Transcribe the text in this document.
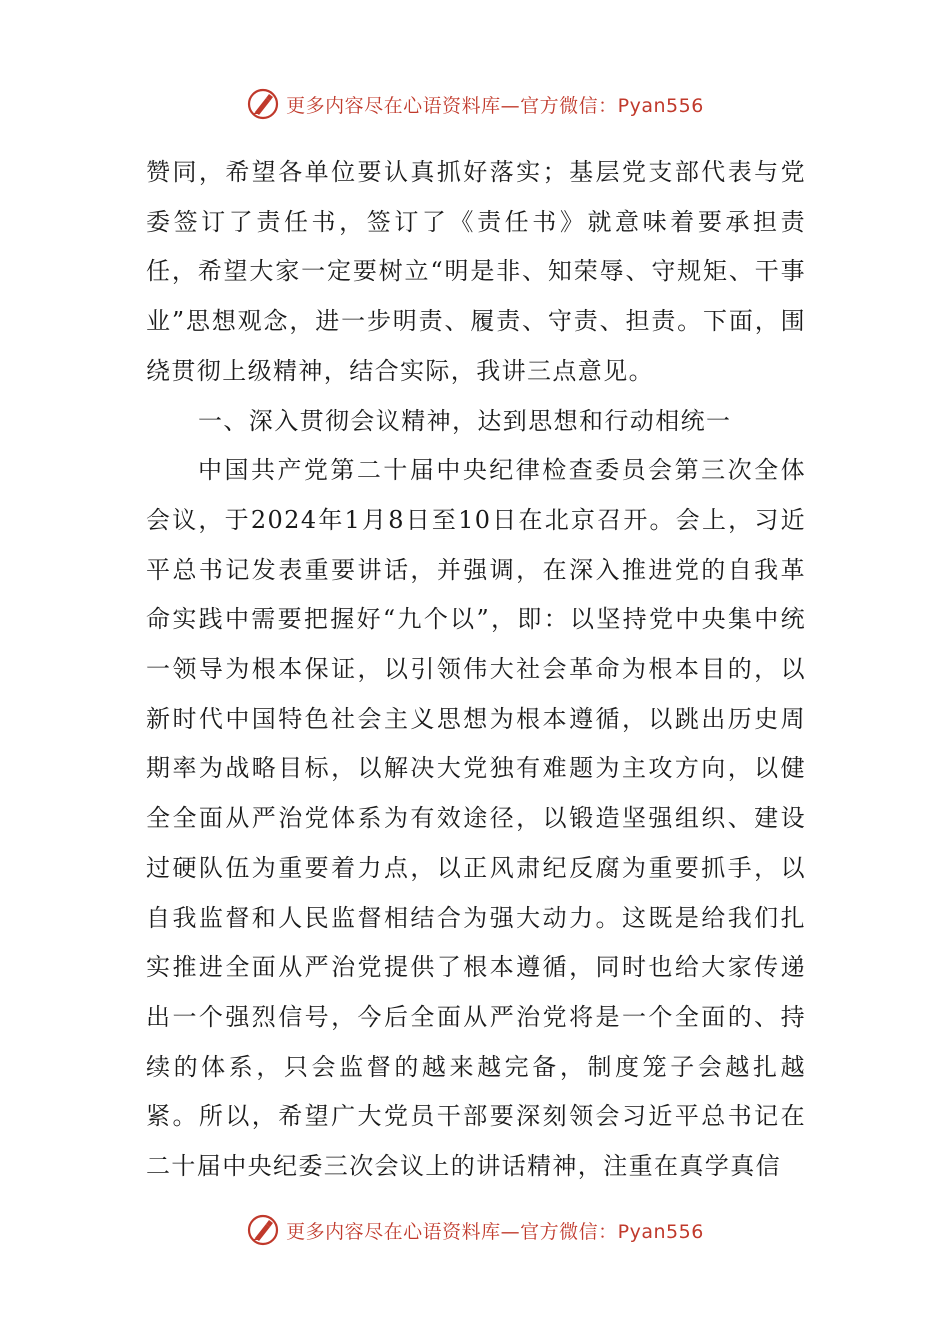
更多内容尽在心语资料库—官方微信：Pyan556

赞同，希望各单位要认真抓好落实；基层党支部代表与党委签订了责任书，签订了《责任书》就意味着要承担责任，希望大家一定要树立“明是非、知荣辱、守规矩、干事业”思想观念，进一步明责、履责、守责、担责。下面，围绕贯彻上级精神，结合实际，我讲三点意见。

一、深入贯彻会议精神，达到思想和行动相统一

中国共产党第二十届中央纪律检查委员会第三次全体会议，于2024年1月8日至10日在北京召开。会上，习近平总书记发表重要讲话，并强调，在深入推进党的自我革命实践中需要把握好“九个以”，即：以坚持党中央集中统一领导为根本保证，以引领伟大社会革命为根本目的，以新时代中国特色社会主义思想为根本遵循，以跳出历史周期率为战略目标，以解决大党独有难题为主攻方向，以健全全面从严治党体系为有效途径，以锻造坚强组织、建设过硬队伍为重要着力点，以正风肃纪反腐为重要抓手，以自我监督和人民监督相结合为强大动力。这既是给我们扎实推进全面从严治党提供了根本遵循，同时也给大家传递出一个强烈信号，今后全面从严治党将是一个全面的、持续的体系，只会监督的越来越完备，制度笼子会越扎越紧。所以，希望广大党员干部要深刻领会习近平总书记在二十届中央纪委三次会议上的讲话精神，注重在真学真信

更多内容尽在心语资料库—官方微信：Pyan556
